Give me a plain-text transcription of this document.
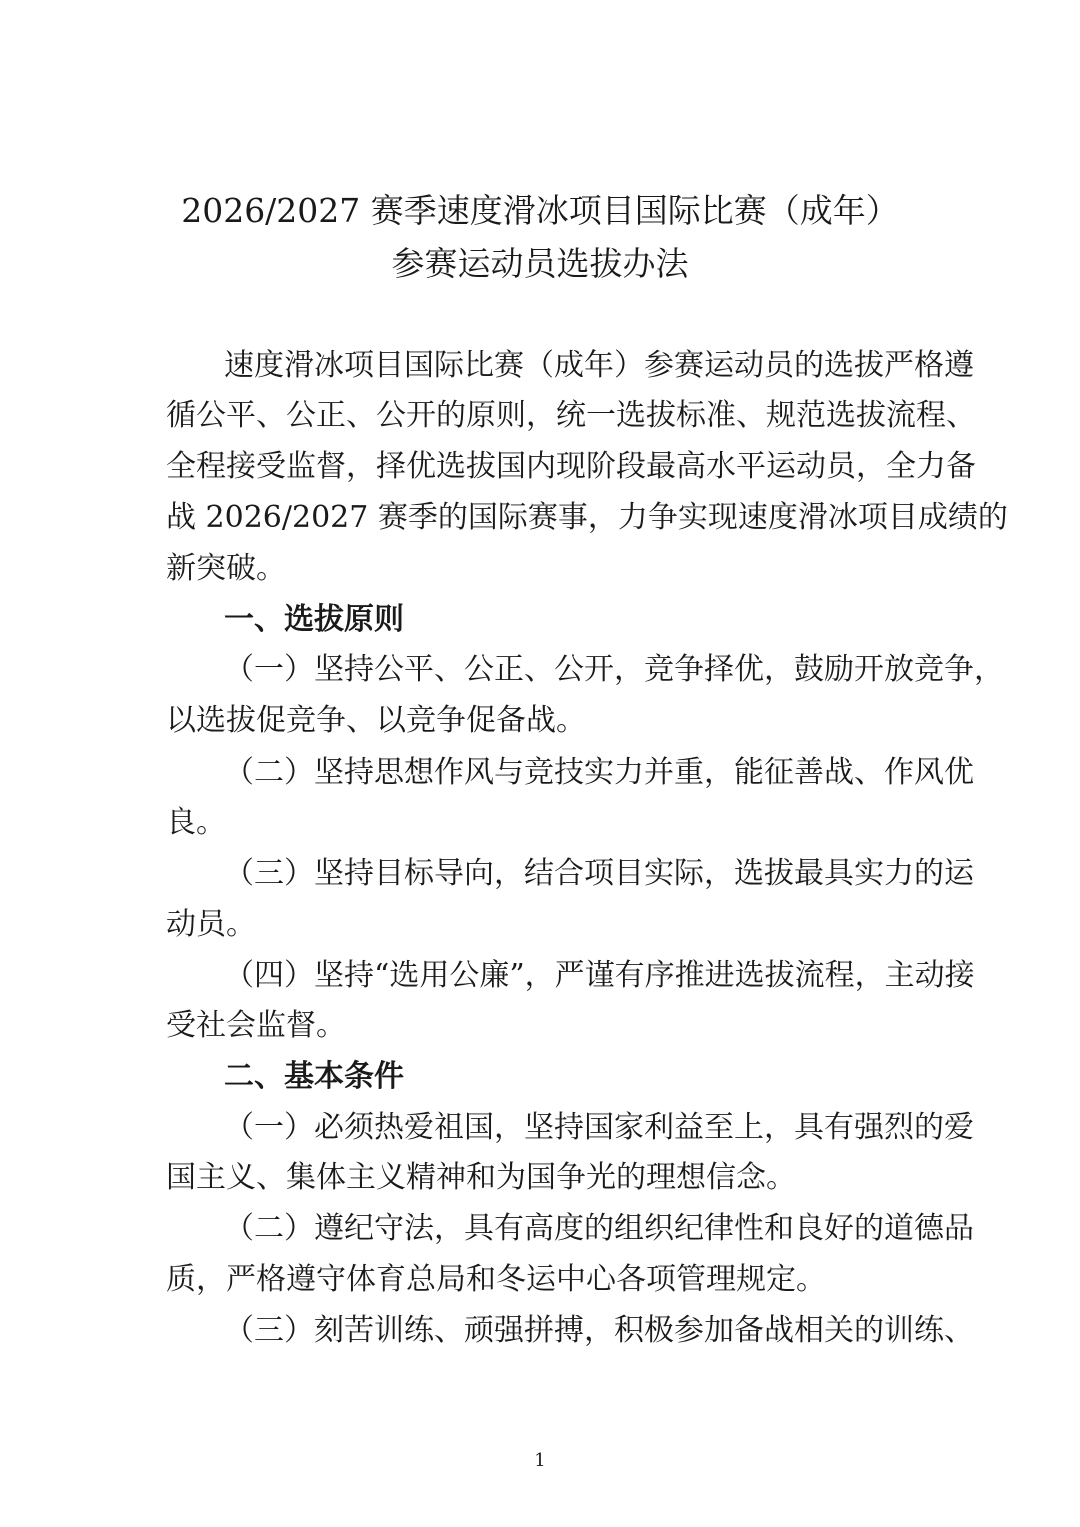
2026/2027 赛季速度滑冰项目国际比赛（成年）
参赛运动员选拔办法
速度滑冰项目国际比赛（成年）参赛运动员的选拔严格遵
循公平、公正、公开的原则，统一选拔标准、规范选拔流程、
全程接受监督，择优选拔国内现阶段最高水平运动员，全力备
战 2026/2027 赛季的国际赛事，力争实现速度滑冰项目成绩的
新突破。
一、选拔原则
（一）坚持公平、公正、公开，竞争择优，鼓励开放竞争，
以选拔促竞争、以竞争促备战。
（二）坚持思想作风与竞技实力并重，能征善战、作风优
良。
（三）坚持目标导向，结合项目实际，选拔最具实力的运
动员。
（四）坚持“选用公廉”，严谨有序推进选拔流程，主动接
受社会监督。
二、基本条件
（一）必须热爱祖国，坚持国家利益至上，具有强烈的爱
国主义、集体主义精神和为国争光的理想信念。
（二）遵纪守法，具有高度的组织纪律性和良好的道德品
质，严格遵守体育总局和冬运中心各项管理规定。
（三）刻苦训练、顽强拼搏，积极参加备战相关的训练、
1
